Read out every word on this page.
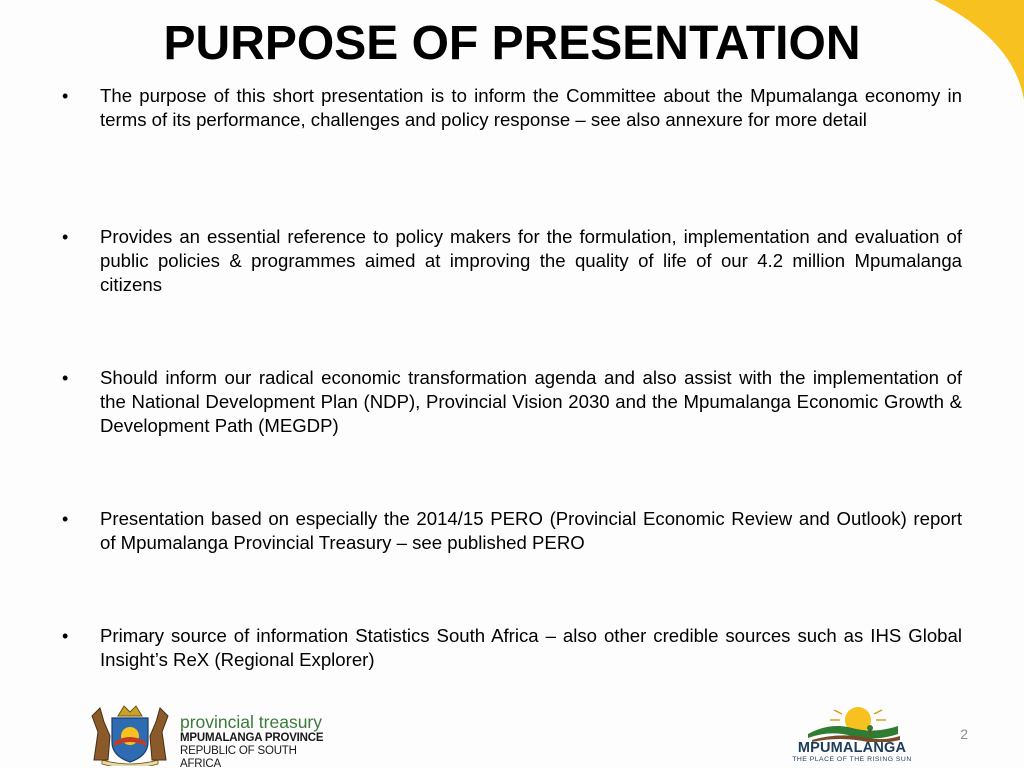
PURPOSE OF PRESENTATION
• The purpose of this short presentation is to inform the Committee about the Mpumalanga economy in terms of its performance, challenges and policy response – see also annexure for more detail

• Provides an essential reference to policy makers for the formulation, implementation and evaluation of public policies & programmes aimed at improving the quality of life of our 4.2 million Mpumalanga citizens

• Should inform our radical economic transformation agenda and also assist with the implementation of the National Development Plan (NDP), Provincial Vision 2030 and the Mpumalanga Economic Growth & Development Path (MEGDP)

• Presentation based on especially the 2014/15 PERO (Provincial Economic Review and Outlook) report of Mpumalanga Provincial Treasury – see published PERO

• Primary source of information Statistics South Africa – also other credible sources such as IHS Global Insight’s ReX (Regional Explorer)

provincial treasury
MPUMALANGA PROVINCE
REPUBLIC OF SOUTH AFRICA
MPUMALANGA
THE PLACE OF THE RISING SUN
2
